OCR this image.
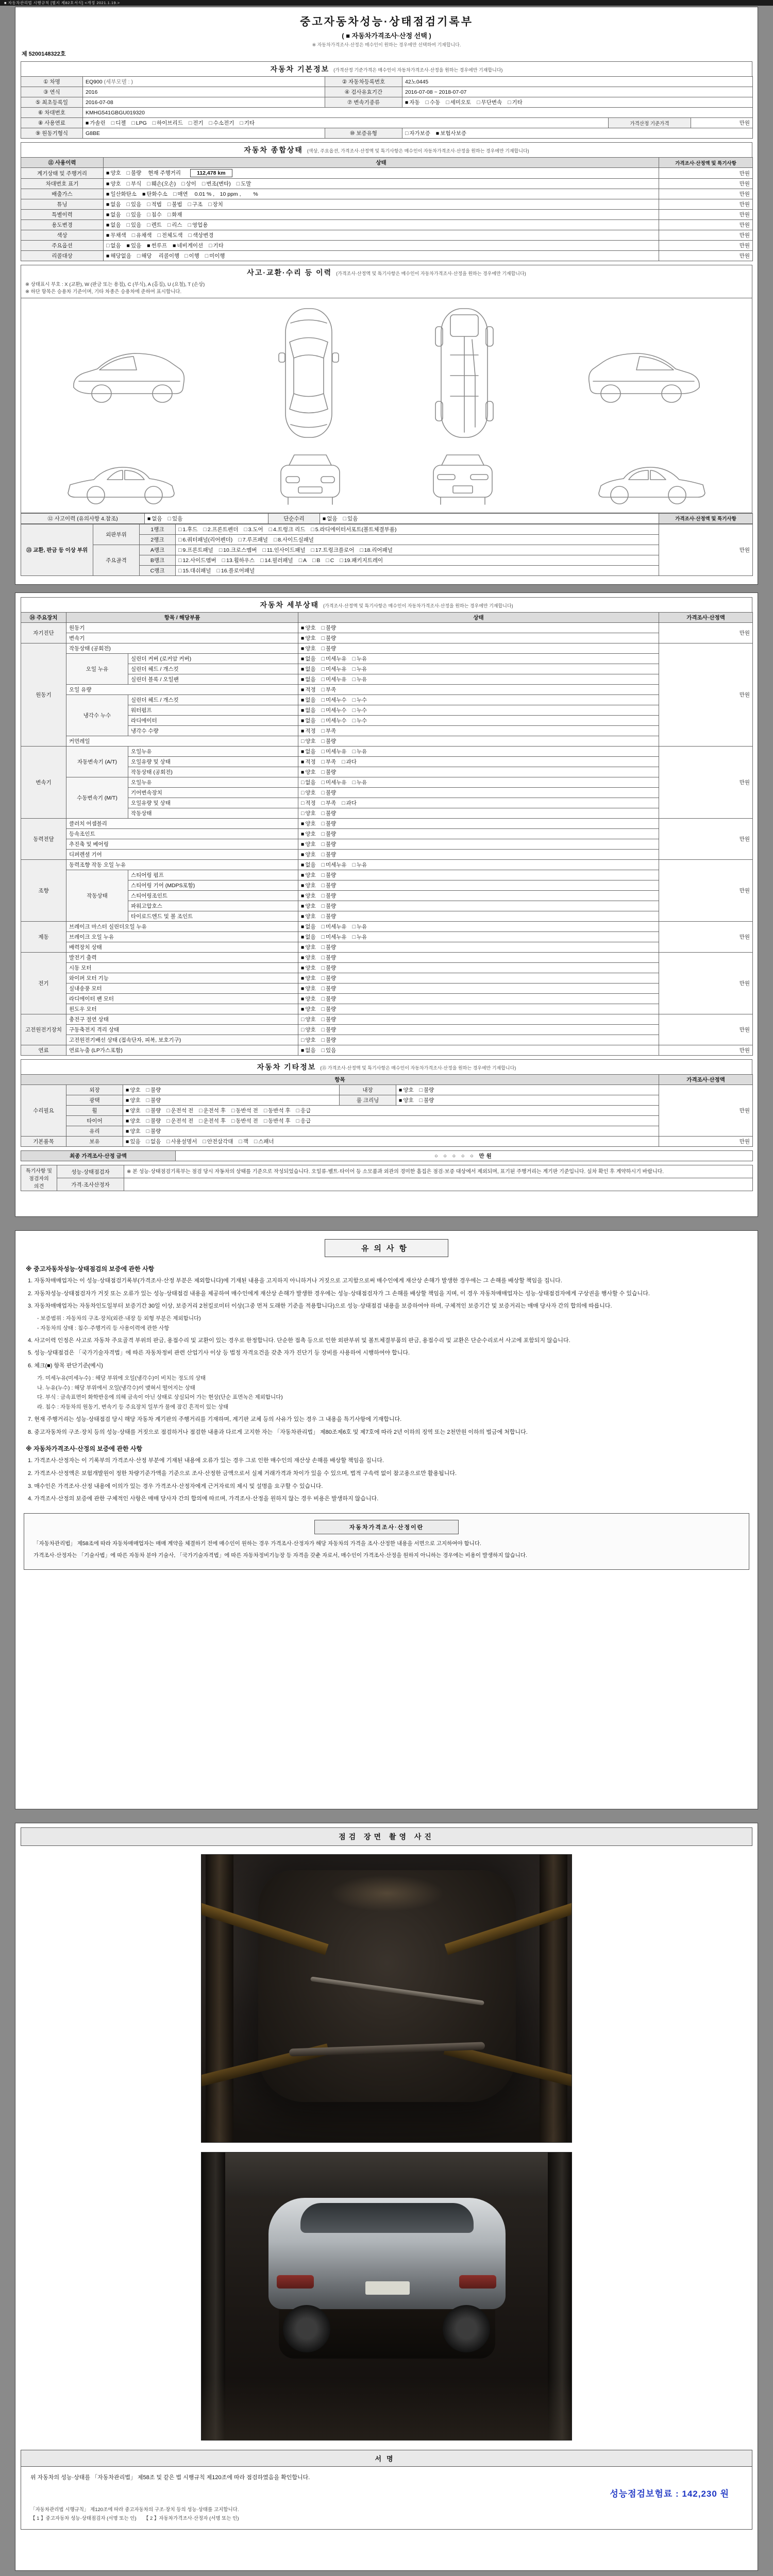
■ 자동차관리법 시행규칙 [별지 제82호서식] <개정 2021.1.19.>
중고자동차성능·상태점검기록부
( ■ 자동차가격조사·산정 선택 )
※ 자동차가격조사·산정은 매수인이 원하는 경우에만 선택하여 기재합니다.
제 5200148322호
자동차 기본정보 (가격산정 기준가격은 매수인이 자동차가격조사·산정을 원하는 경우에만 기재합니다)
① 차명	EQ900 (세부모델 : )	② 자동차등록번호	42노0445		
③ 연식	2016	④ 검사유효기간	2016-07-08 ~ 2018-07-07		
⑤ 최초등록일	2016-07-08	⑦ 변속기종류	■ 자동 □ 수동 □ 세미오토 □ 무단변속 □ 기타		
⑥ 차대번호	KMHG541GBGU019320				
⑧ 사용연료	■ 가솔린 □ 디젤 □ LPG □ 하이브리드 □ 전기 □ 수소전기 □ 기타			가격산정 기준가격	만원
⑨ 원동기형식	G8BE	⑩ 보증유형	□ 자가보증 ■ 보험사보증		
자동차 종합상태 (색상, 주요옵션, 가격조사·산정액 및 특기사항은 매수인이 자동차가격조사·산정을 원하는 경우에만 기재합니다)
⑪ 사용이력	상태	가격조사·산정액 및 특기사항
계기상태 및 주행거리	■ 양호 □ 불량 현재 주행거리 112,478 km	만원
차대번호 표기	■ 양호 □ 부식 □ 훼손(오손) □ 상이 □ 변조(변타) □ 도말	만원
배출가스	■ 일산화탄소 ■ 탄화수소 □ 매연 0.01 % ,　10 ppm ,　　 %	만원
튜닝	■ 없음 □ 있음 □ 적법 □ 불법 □ 구조 □ 장치	만원
특별이력	■ 없음 □ 있음 □ 침수 □ 화재	만원
용도변경	■ 없음 □ 있음 □ 렌트 □ 리스 □ 영업용	만원
색상	■ 무채색 □ 유채색 □ 전체도색 □ 색상변경	만원
주요옵션	□ 없음 ■ 있음 ■ 썬루프 ■ 네비게이션 □ 기타	만원
리콜대상	■ 해당없음 □ 해당 리콜이행 □ 이행 □ 미이행	만원
사고·교환·수리 등 이력 (가격조사·산정액 및 특기사항은 매수인이 자동차가격조사·산정을 원하는 경우에만 기재합니다)
※ 상태표시 부호 : X (교환), W (판금 또는 용접), C (부식), A (흠집), U (요철), T (손상)
※ 하단 항목은 승용차 기준이며, 기타 차종은 승용차에 준하여 표시합니다.
⑫ 사고이력 (유의사항 4.참조)	■ 없음 □ 있음	단순수리	■ 없음 □ 있음	가격조사·산정액 및 특기사항
⑬ 교환, 판금 등 이상 부위	외판부위	1랭크	□ 1.후드 □ 2.프론트펜더 □ 3.도어 □ 4.트렁크 리드 □ 5.라디에이터서포트(볼트체결부품)	만원
		2랭크	□ 6.쿼터패널(리어펜더) □ 7.루프패널 □ 8.사이드실패널	
	주요골격	A랭크	□ 9.프론트패널 □ 10.크로스멤버 □ 11.인사이드패널 □ 17.트렁크플로어 □ 18.리어패널	
		B랭크	□ 12.사이드멤버 □ 13.휠하우스 □ 14.필러패널 □ A □ B □ C □ 19.패키지트레이	
		C랭크	□ 15.대쉬패널 □ 16.플로어패널	
자동차 세부상태 (가격조사·산정액 및 특기사항은 매수인이 자동차가격조사·산정을 원하는 경우에만 기재합니다)
⑭ 주요장치	항목 / 해당부품		상태	가격조사·산정액
자기진단	원동기		■ 양호 □ 불량	만원
	변속기		■ 양호 □ 불량	
원동기	작동상태 (공회전)		■ 양호 □ 불량	만원
	오일 누유	실린더 커버 (로커암 커버)	■ 없음 □ 미세누유 □ 누유	
		실린더 헤드 / 개스킷	■ 없음 □ 미세누유 □ 누유	
		실린더 블록 / 오일팬	■ 없음 □ 미세누유 □ 누유	
	오일 유량		■ 적정 □ 부족	
	냉각수 누수	실린더 헤드 / 개스킷	■ 없음 □ 미세누수 □ 누수	
		워터펌프	■ 없음 □ 미세누수 □ 누수	
		라디에이터	■ 없음 □ 미세누수 □ 누수	
		냉각수 수량	■ 적정 □ 부족	
	커먼레일		□ 양호 □ 불량	
변속기	자동변속기 (A/T)	오일누유	■ 없음 □ 미세누유 □ 누유	만원
		오일유량 및 상태	■ 적정 □ 부족 □ 과다	
		작동상태 (공회전)	■ 양호 □ 불량	
	수동변속기 (M/T)	오일누유	□ 없음 □ 미세누유 □ 누유	
		기어변속장치	□ 양호 □ 불량	
		오일유량 및 상태	□ 적정 □ 부족 □ 과다	
		작동상태	□ 양호 □ 불량	
동력전달	클러치 어셈블리		■ 양호 □ 불량	만원
	등속조인트		■ 양호 □ 불량	
	추진축 및 베어링		■ 양호 □ 불량	
	디퍼렌셜 기어		■ 양호 □ 불량	
조향	동력조향 작동 오일 누유		■ 없음 □ 미세누유 □ 누유	만원
	작동상태	스티어링 펌프	■ 양호 □ 불량	
		스티어링 기어 (MDPS포함)	■ 양호 □ 불량	
		스티어링조인트	■ 양호 □ 불량	
		파워고압호스	■ 양호 □ 불량	
		타이로드엔드 및 볼 조인트	■ 양호 □ 불량	
제동	브레이크 마스터 실린더오일 누유		■ 없음 □ 미세누유 □ 누유	만원
	브레이크 오일 누유		■ 없음 □ 미세누유 □ 누유	
	배력장치 상태		■ 양호 □ 불량	
전기	발전기 출력		■ 양호 □ 불량	만원
	시동 모터		■ 양호 □ 불량	
	와이퍼 모터 기능		■ 양호 □ 불량	
	실내송풍 모터		■ 양호 □ 불량	
	라디에이터 팬 모터		■ 양호 □ 불량	
	윈도우 모터		■ 양호 □ 불량	
고전원전기장치	충전구 절연 상태		□ 양호 □ 불량	만원
	구동축전지 격리 상태		□ 양호 □ 불량	
	고전원전기배선 상태 (접속단자, 피복, 보호기구)		□ 양호 □ 불량	
연료	연료누출 (LP가스포함)		■ 없음 □ 있음	만원
자동차 기타정보 (⑮ 가격조사·산정액 및 특기사항은 매수인이 자동차가격조사·산정을 원하는 경우에만 기재합니다)
항목					가격조사·산정액
수리필요	외장	■ 양호 □ 불량	내장	■ 양호 □ 불량	만원
	광택	■ 양호 □ 불량	룸 크리닝	■ 양호 □ 불량	
	휠	■ 양호 □ 불량 □ 운전석 전 □ 운전석 후 □ 동반석 전 □ 동반석 후 □ 응급			
	타이어	■ 양호 □ 불량 □ 운전석 전 □ 운전석 후 □ 동반석 전 □ 동반석 후 □ 응급			
	유리	■ 양호 □ 불량			
기본품목	보유	■ 있음 □ 없음 □ 사용설명서 □ 안전삼각대 □ 잭 □ 스패너			만원
최종 가격조사·산정 금액	○ ○ ○ ○ ○ 만원
특기사항 및 점검자의 의견	성능·상태점검자	※ 본 성능·상태점검기록부는 점검 당시 자동차의 상태를 기준으로 작성되었습니다. 오일류·벨트·타이어 등 소모품과 외관의 경미한 흠집은 점검·보증 대상에서 제외되며, 표기된 주행거리는 계기판 기준입니다. 실차 확인 후 계약하시기 바랍니다.
	가격·조사산정자	
유의사항
※ 중고자동차성능·상태점검의 보증에 관한 사항

1. 자동차매매업자는 이 성능·상태점검기록부(가격조사·산정 부분은 제외합니다)에 기재된 내용을 고지하지 아니하거나 거짓으로 고지함으로써 매수인에게 재산상 손해가 발생한 경우에는 그 손해를 배상할 책임을 집니다.

2. 자동차성능·상태점검자가 거짓 또는 오류가 있는 성능·상태점검 내용을 제공하여 매수인에게 재산상 손해가 발생한 경우에는 성능·상태점검자가 그 손해를 배상할 책임을 지며, 이 경우 자동차매매업자는 성능·상태점검자에게 구상권을 행사할 수 있습니다.

3. 자동차매매업자는 자동차인도일부터 보증기간 30일 이상, 보증거리 2천킬로미터 이상(그중 먼저 도래한 기준을 적용합니다)으로 성능·상태점검 내용을 보증하여야 하며, 구체적인 보증기간 및 보증거리는 매매 당사자 간의 합의에 따릅니다.

- 보증범위 : 자동차의 구조·장치(외관·내장 등 외형 부분은 제외합니다)

- 자동차의 상태 : 침수·주행거리 등 사용이력에 관한 사항

4. 사고이력 인정은 사고로 자동차 주요골격 부위의 판금, 용접수리 및 교환이 있는 경우로 한정합니다. 단순한 접촉 등으로 인한 외판부위 및 볼트체결부품의 판금, 용접수리 및 교환은 단순수리로서 사고에 포함되지 않습니다.

5. 성능·상태점검은 「국가기술자격법」에 따른 자동차정비 관련 산업기사 이상 등 법정 자격요건을 갖춘 자가 진단기 등 장비를 사용하여 시행하여야 합니다.

6. 체크(■) 항목 판단기준(예시)

가. 미세누유(미세누수) : 해당 부위에 오일(냉각수)이 비치는 정도의 상태

나. 누유(누수) : 해당 부위에서 오일(냉각수)이 맺혀서 떨어지는 상태

다. 부식 : 금속표면이 화학반응에 의해 금속이 아닌 상태로 상실되어 가는 현상(단순 표면녹은 제외합니다)

라. 침수 : 자동차의 원동기, 변속기 등 주요장치 일부가 물에 잠긴 흔적이 있는 상태

7. 현재 주행거리는 성능·상태점검 당시 해당 자동차 계기판의 주행거리를 기재하며, 계기판 교체 등의 사유가 있는 경우 그 내용을 특기사항에 기재합니다.

8. 중고자동차의 구조·장치 등의 성능·상태를 거짓으로 점검하거나 점검한 내용과 다르게 고지한 자는 「자동차관리법」 제80조제6호 및 제7호에 따라 2년 이하의 징역 또는 2천만원 이하의 벌금에 처합니다.

※ 자동차가격조사·산정의 보증에 관한 사항

1. 가격조사·산정자는 이 기록부의 가격조사·산정 부분에 기재된 내용에 오류가 있는 경우 그로 인한 매수인의 재산상 손해를 배상할 책임을 집니다.

2. 가격조사·산정액은 보험개발원이 정한 차량기준가액을 기준으로 조사·산정한 금액으로서 실제 거래가격과 차이가 있을 수 있으며, 법적 구속력 없이 참고용으로만 활용됩니다.

3. 매수인은 가격조사·산정 내용에 이의가 있는 경우 가격조사·산정자에게 근거자료의 제시 및 설명을 요구할 수 있습니다.

4. 가격조사·산정의 보증에 관한 구체적인 사항은 매매 당사자 간의 합의에 따르며, 가격조사·산정을 원하지 않는 경우 비용은 발생하지 않습니다.

자동차가격조사·산정이란

「자동차관리법」 제58조에 따라 자동차매매업자는 매매 계약을 체결하기 전에 매수인이 원하는 경우 가격조사·산정자가 해당 자동차의 가격을 조사·산정한 내용을 서면으로 고지하여야 합니다.

가격조사·산정자는 「기술사법」에 따른 자동차 분야 기술사, 「국가기술자격법」에 따른 자동차정비기능장 등 자격을 갖춘 자로서, 매수인이 가격조사·산정을 원하지 아니하는 경우에는 비용이 발생하지 않습니다.

점검 장면 촬영 사진
서명

위 자동차의 성능·상태를 「자동차관리법」 제58조 및 같은 법 시행규칙 제120조에 따라 점검하였음을 확인합니다.

성능점검보험료 : 142,230 원

「자동차관리법 시행규칙」 제120조에 따라 중고자동차의 구조·장치 등의 성능·상태를 고지합니다.

【 1 】중고자동차 성능·상태점검자 (서명 또는 인)　　【 2 】자동차가격조사·산정자 (서명 또는 인)
